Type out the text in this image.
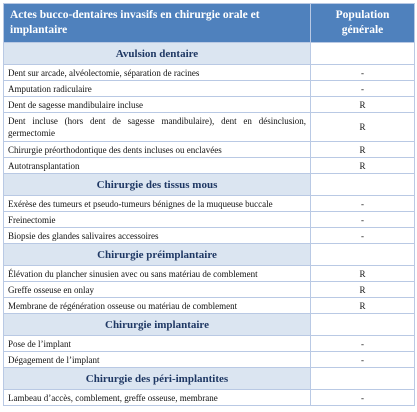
Actes bucco-dentaires invasifs en chirurgie orale et implantaire	Population générale
Avulsion dentaire	
Dent sur arcade, alvéolectomie, séparation de racines	-
Amputation radiculaire	-
Dent de sagesse mandibulaire incluse	R
Dent incluse (hors dent de sagesse mandibulaire), dent en désinclusion, germectomie	R
Chirurgie préorthodontique des dents incluses ou enclavées	R
Autotransplantation	R
Chirurgie des tissus mous	
Exérèse des tumeurs et pseudo-tumeurs bénignes de la muqueuse buccale	-
Freinectomie	-
Biopsie des glandes salivaires accessoires	-
Chirurgie préimplantaire	
Élévation du plancher sinusien avec ou sans matériau de comblement	R
Greffe osseuse en onlay	R
Membrane de régénération osseuse ou matériau de comblement	R
Chirurgie implantaire	
Pose de l’implant	-
Dégagement de l’implant	-
Chirurgie des péri-implantites	
Lambeau d’accès, comblement, greffe osseuse, membrane	-
